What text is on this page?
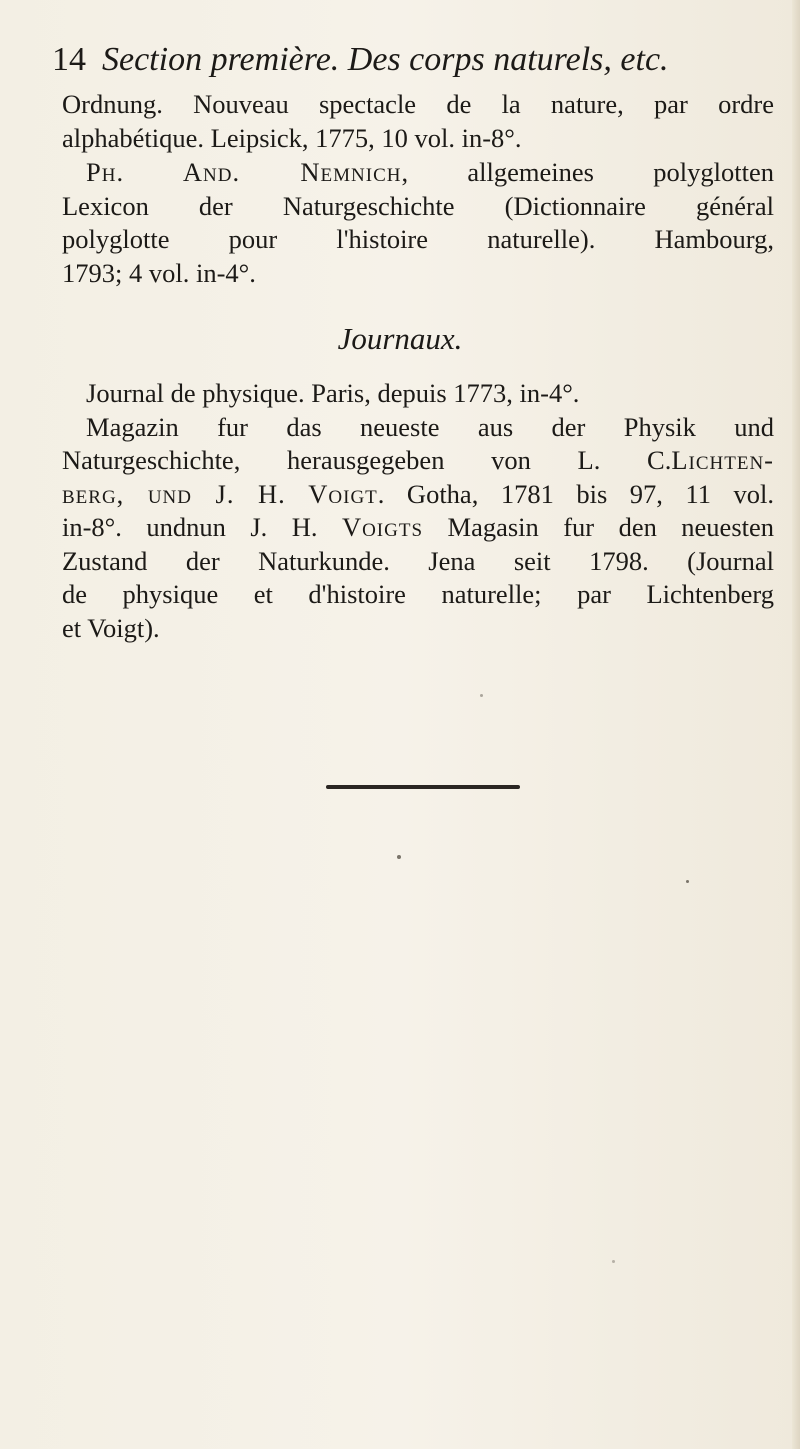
14 Section première. Des corps naturels, etc.
Ordnung. Nouveau spectacle de la nature, par ordre
alphabétique. Leipsick, 1775, 10 vol. in-8°.
Ph. And. Nemnich, allgemeines polyglotten
Lexicon der Naturgeschichte (Dictionnaire général
polyglotte pour l'histoire naturelle). Hambourg,
1793; 4 vol. in-4°.
Journaux.
Journal de physique. Paris, depuis 1773, in-4°.
Magazin fur das neueste aus der Physik und
Naturgeschichte, herausgegeben von L. C.Lichten-
berg, und J. H. Voigt. Gotha, 1781 bis 97, 11 vol.
in-8°. undnun J. H. Voigts Magasin fur den neuesten
Zustand der Naturkunde. Jena seit 1798. (Journal
de physique et d'histoire naturelle; par Lichtenberg
et Voigt).
